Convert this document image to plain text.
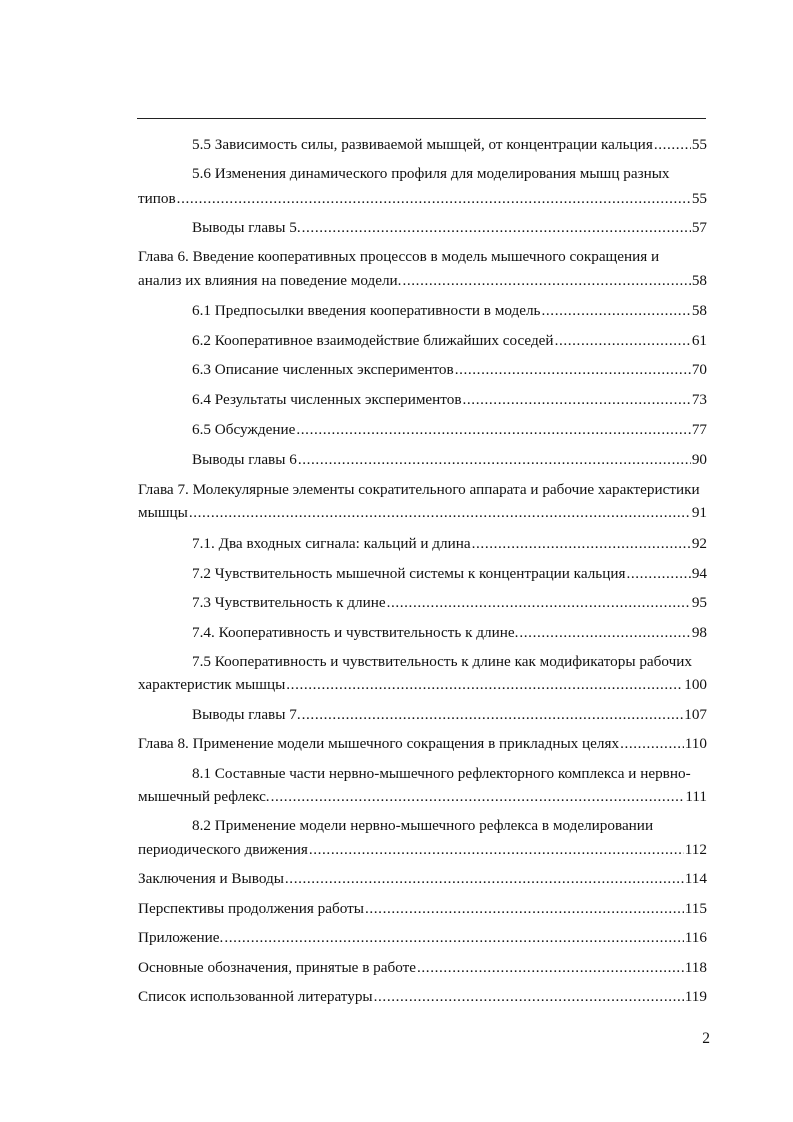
5.5 Зависимость силы, развиваемой мышцей, от концентрации кальция .....	55
5.6 Изменения динамического профиля для моделирования мышц разных
типов .....	55
Выводы главы 5. .....	57
Глава 6. Введение кооперативных процессов в модель мышечного сокращения и
анализ их влияния на поведение модели. .....	58
6.1 Предпосылки введения кооперативности в модель .....	58
6.2 Кооперативное взаимодействие ближайших соседей .....	61
6.3 Описание численных экспериментов .....	70
6.4 Результаты численных экспериментов .....	73
6.5 Обсуждение .....	77
Выводы главы 6 .....	90
Глава 7. Молекулярные элементы сократительного аппарата и рабочие характеристики
мышцы .....	91
7.1. Два входных сигнала: кальций и длина .....	92
7.2 Чувствительность мышечной системы к концентрации кальция .....	94
7.3 Чувствительность к длине .....	95
7.4. Кооперативность и чувствительность к длине. .....	98
7.5 Кооперативность и чувствительность к длине как модификаторы рабочих
характеристик мышцы .....	100
Выводы главы 7. .....	107
Глава 8. Применение модели мышечного сокращения в прикладных целях .....	110
8.1 Составные части нервно-мышечного рефлекторного комплекса и нервно-
мышечный рефлекс. .....	111
8.2 Применение модели нервно-мышечного рефлекса в моделировании
периодического движения .....	112
Заключения и Выводы .....	114
Перспективы продолжения работы .....	115
Приложение. .....	116
Основные обозначения, принятые в работе .....	118
Список использованной литературы .....	119
2
